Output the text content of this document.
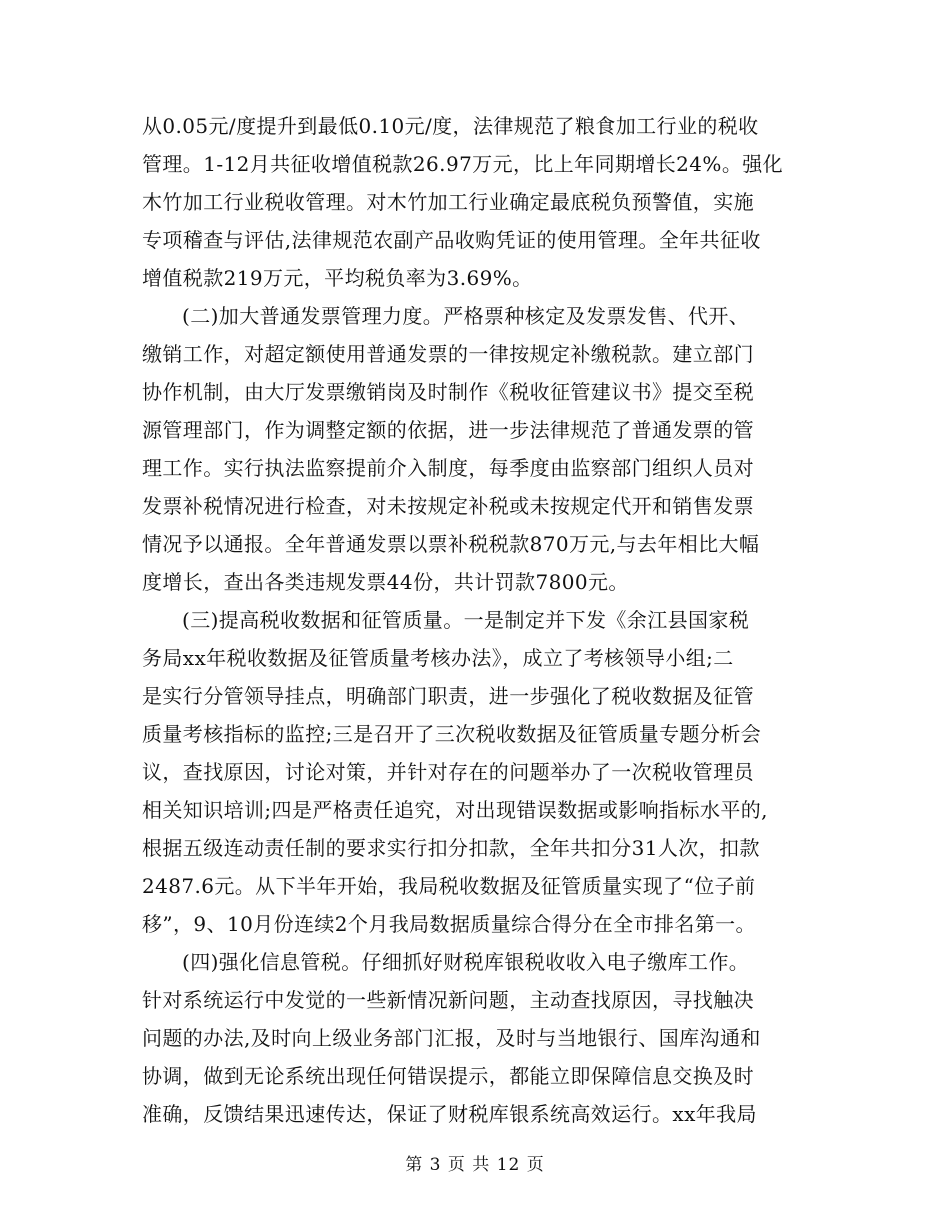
从0.05元/度提升到最低0.10元/度，法律规范了粮食加工行业的税收
管理。1-12月共征收增值税款26.97万元，比上年同期增长24%。强化
木竹加工行业税收管理。对木竹加工行业确定最底税负预警值，实施
专项稽查与评估,法律规范农副产品收购凭证的使用管理。全年共征收
增值税款219万元，平均税负率为3.69%。
(二)加大普通发票管理力度。严格票种核定及发票发售、代开、
缴销工作，对超定额使用普通发票的一律按规定补缴税款。建立部门
协作机制，由大厅发票缴销岗及时制作《税收征管建议书》提交至税
源管理部门，作为调整定额的依据，进一步法律规范了普通发票的管
理工作。实行执法监察提前介入制度，每季度由监察部门组织人员对
发票补税情况进行检查，对未按规定补税或未按规定代开和销售发票
情况予以通报。全年普通发票以票补税税款870万元,与去年相比大幅
度增长，查出各类违规发票44份，共计罚款7800元。
(三)提高税收数据和征管质量。一是制定并下发《余江县国家税
务局xx年税收数据及征管质量考核办法》，成立了考核领导小组;二
是实行分管领导挂点，明确部门职责，进一步强化了税收数据及征管
质量考核指标的监控;三是召开了三次税收数据及征管质量专题分析会
议，查找原因，讨论对策，并针对存在的问题举办了一次税收管理员
相关知识培训;四是严格责任追究，对出现错误数据或影响指标水平的,
根据五级连动责任制的要求实行扣分扣款，全年共扣分31人次，扣款
2487.6元。从下半年开始，我局税收数据及征管质量实现了“位子前
移”，9、10月份连续2个月我局数据质量综合得分在全市排名第一。
(四)强化信息管税。仔细抓好财税库银税收收入电子缴库工作。
针对系统运行中发觉的一些新情况新问题，主动查找原因，寻找触决
问题的办法,及时向上级业务部门汇报，及时与当地银行、国库沟通和
协调，做到无论系统出现任何错误提示，都能立即保障信息交换及时
准确，反馈结果迅速传达，保证了财税库银系统高效运行。xx年我局
第 3 页 共 12 页
